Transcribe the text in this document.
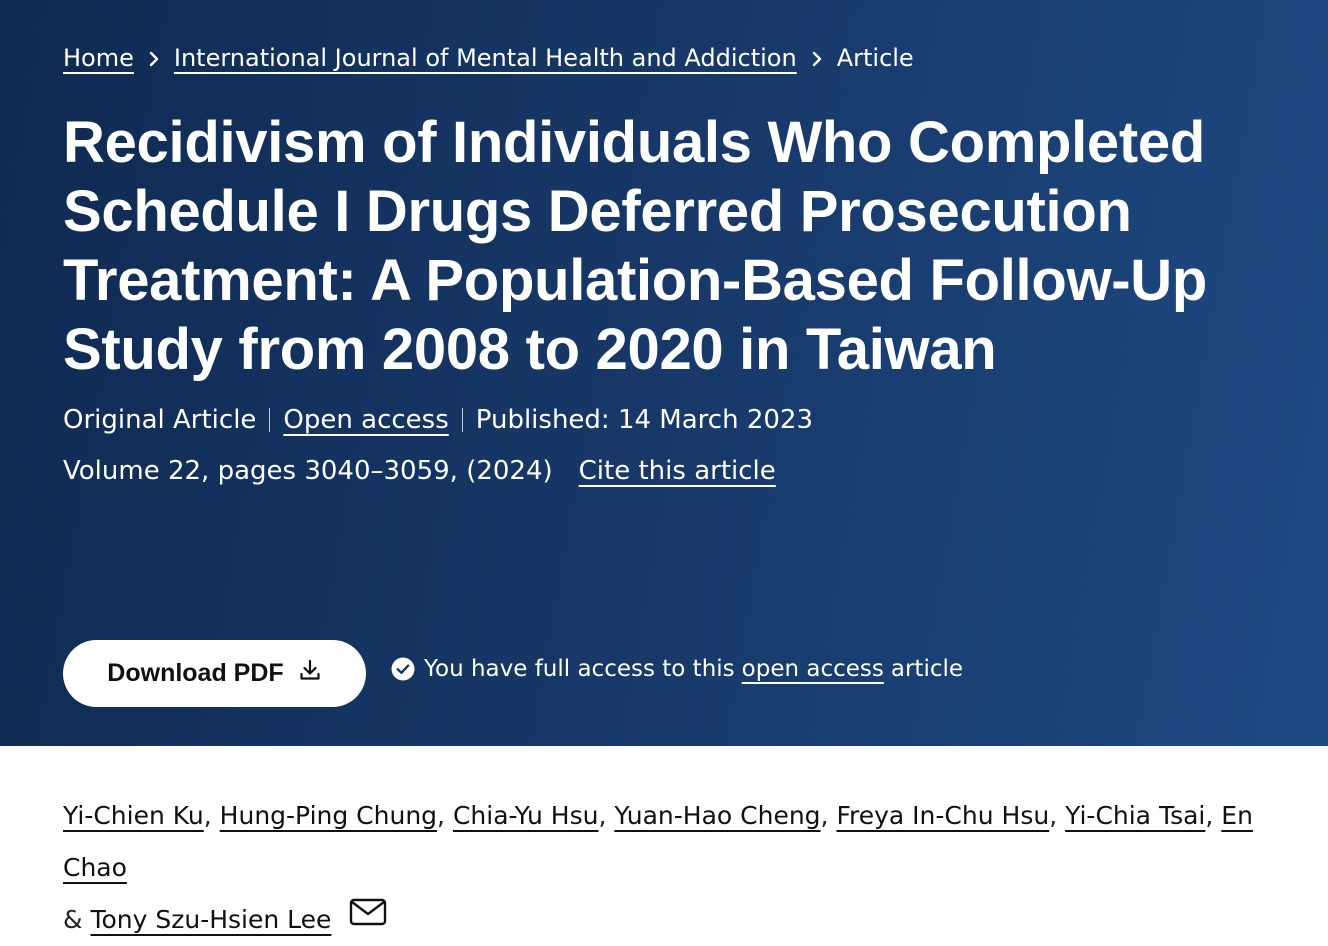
Home International Journal of Mental Health and Addiction Article
Recidivism of Individuals Who Completed Schedule I Drugs Deferred Prosecution Treatment: A Population-Based Follow-Up Study from 2008 to 2020 in Taiwan
Original Article Open access Published: 14 March 2023
Volume 22, pages 3040–3059, (2024) Cite this article
Download PDF	You have full access to this open access article
Yi-Chien Ku, Hung-Ping Chung, Chia-Yu Hsu, Yuan-Hao Cheng, Freya In-Chu Hsu, Yi-Chia Tsai, En Chao
& Tony Szu-Hsien Lee
